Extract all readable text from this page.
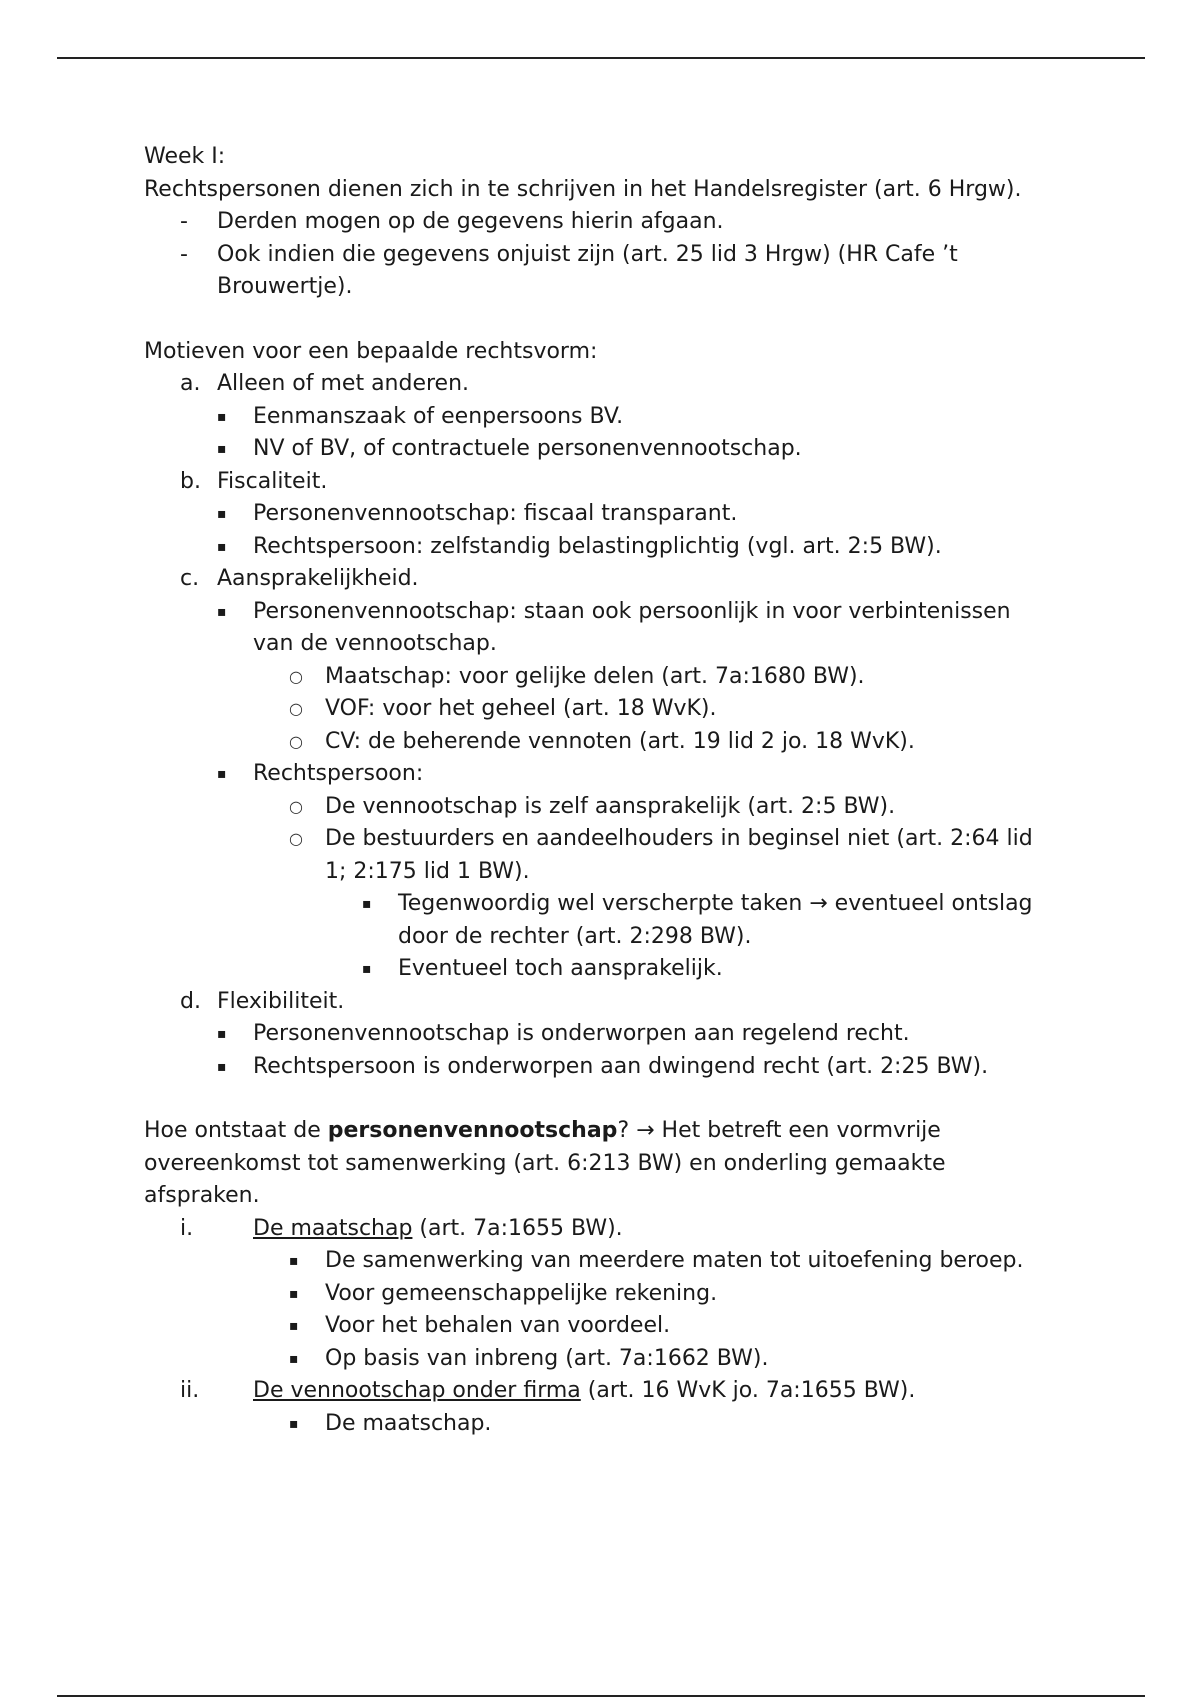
Week I:
Rechtspersonen dienen zich in te schrijven in het Handelsregister (art. 6 Hrgw).
- Derden mogen op de gegevens hierin afgaan.
- Ook indien die gegevens onjuist zijn (art. 25 lid 3 Hrgw) (HR Cafe ’t Brouwertje).
Motieven voor een bepaalde rechtsvorm:
a. Alleen of met anderen.
▪ Eenmanszaak of eenpersoons BV.
▪ NV of BV, of contractuele personenvennootschap.
b. Fiscaliteit.
▪ Personenvennootschap: fiscaal transparant.
▪ Rechtspersoon: zelfstandig belastingplichtig (vgl. art. 2:5 BW).
c. Aansprakelijkheid.
▪ Personenvennootschap: staan ook persoonlijk in voor verbintenissen van de vennootschap.
○ Maatschap: voor gelijke delen (art. 7a:1680 BW).
○ VOF: voor het geheel (art. 18 WvK).
○ CV: de beherende vennoten (art. 19 lid 2 jo. 18 WvK).
▪ Rechtspersoon:
○ De vennootschap is zelf aansprakelijk (art. 2:5 BW).
○ De bestuurders en aandeelhouders in beginsel niet (art. 2:64 lid 1; 2:175 lid 1 BW).
▪ Tegenwoordig wel verscherpte taken → eventueel ontslag door de rechter (art. 2:298 BW).
▪ Eventueel toch aansprakelijk.
d. Flexibiliteit.
▪ Personenvennootschap is onderworpen aan regelend recht.
▪ Rechtspersoon is onderworpen aan dwingend recht (art. 2:25 BW).
Hoe ontstaat de personenvennootschap? → Het betreft een vormvrije overeenkomst tot samenwerking (art. 6:213 BW) en onderling gemaakte afspraken.
i.	De maatschap (art. 7a:1655 BW).
▪ De samenwerking van meerdere maten tot uitoefening beroep.
▪ Voor gemeenschappelijke rekening.
▪ Voor het behalen van voordeel.
▪ Op basis van inbreng (art. 7a:1662 BW).
ii. De vennootschap onder firma (art. 16 WvK jo. 7a:1655 BW).
▪ De maatschap.
